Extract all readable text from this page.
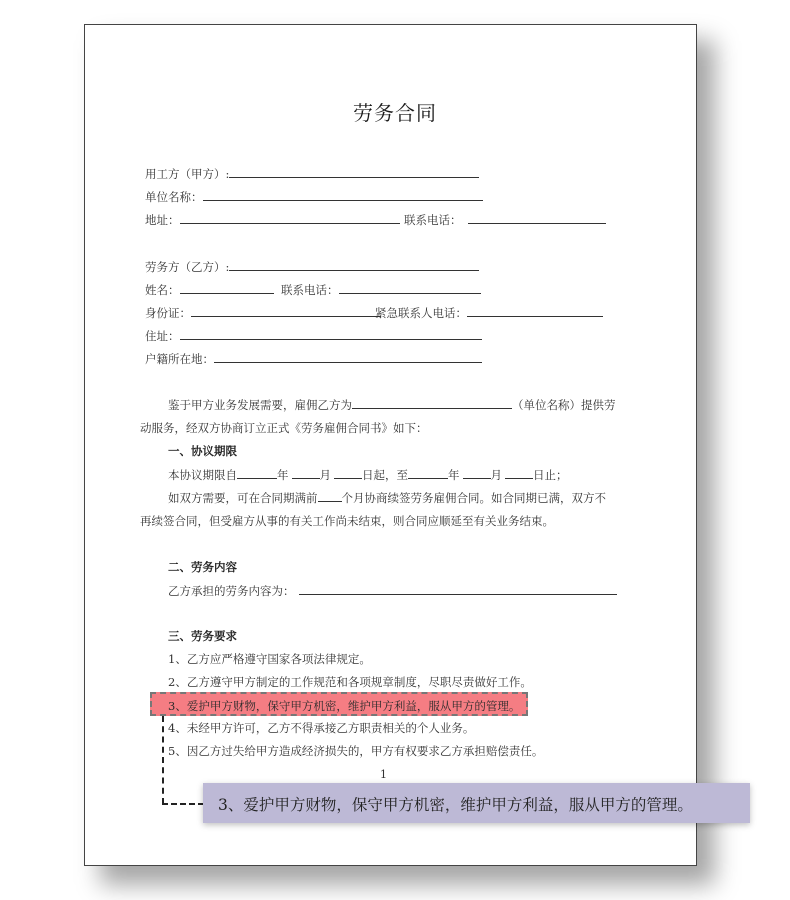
劳务合同
用工方（甲方）:
单位名称：
地址：	联系电话：
劳务方（乙方）:
姓名：	联系电话：
身份证：	紧急联系人电话：
住址：
户籍所在地：
鉴于甲方业务发展需要，雇佣乙方为	（单位名称）提供劳
动服务，经双方协商订立正式《劳务雇佣合同书》如下：
一、协议期限
本协议期限自	年	月	日起，至	年	月	日止；
如双方需要，可在合同期满前 个月协商续签劳务雇佣合同。如合同期已满，双方不
再续签合同，但受雇方从事的有关工作尚未结束，则合同应顺延至有关业务结束。
二、劳务内容
乙方承担的劳务内容为：
三、劳务要求
1、乙方应严格遵守国家各项法律规定。
2、乙方遵守甲方制定的工作规范和各项规章制度，尽职尽责做好工作。
3、爱护甲方财物，保守甲方机密，维护甲方利益，服从甲方的管理。
4、未经甲方许可，乙方不得承接乙方职责相关的个人业务。
5、因乙方过失给甲方造成经济损失的，甲方有权要求乙方承担赔偿责任。
1
3、爱护甲方财物，保守甲方机密，维护甲方利益，服从甲方的管理。
